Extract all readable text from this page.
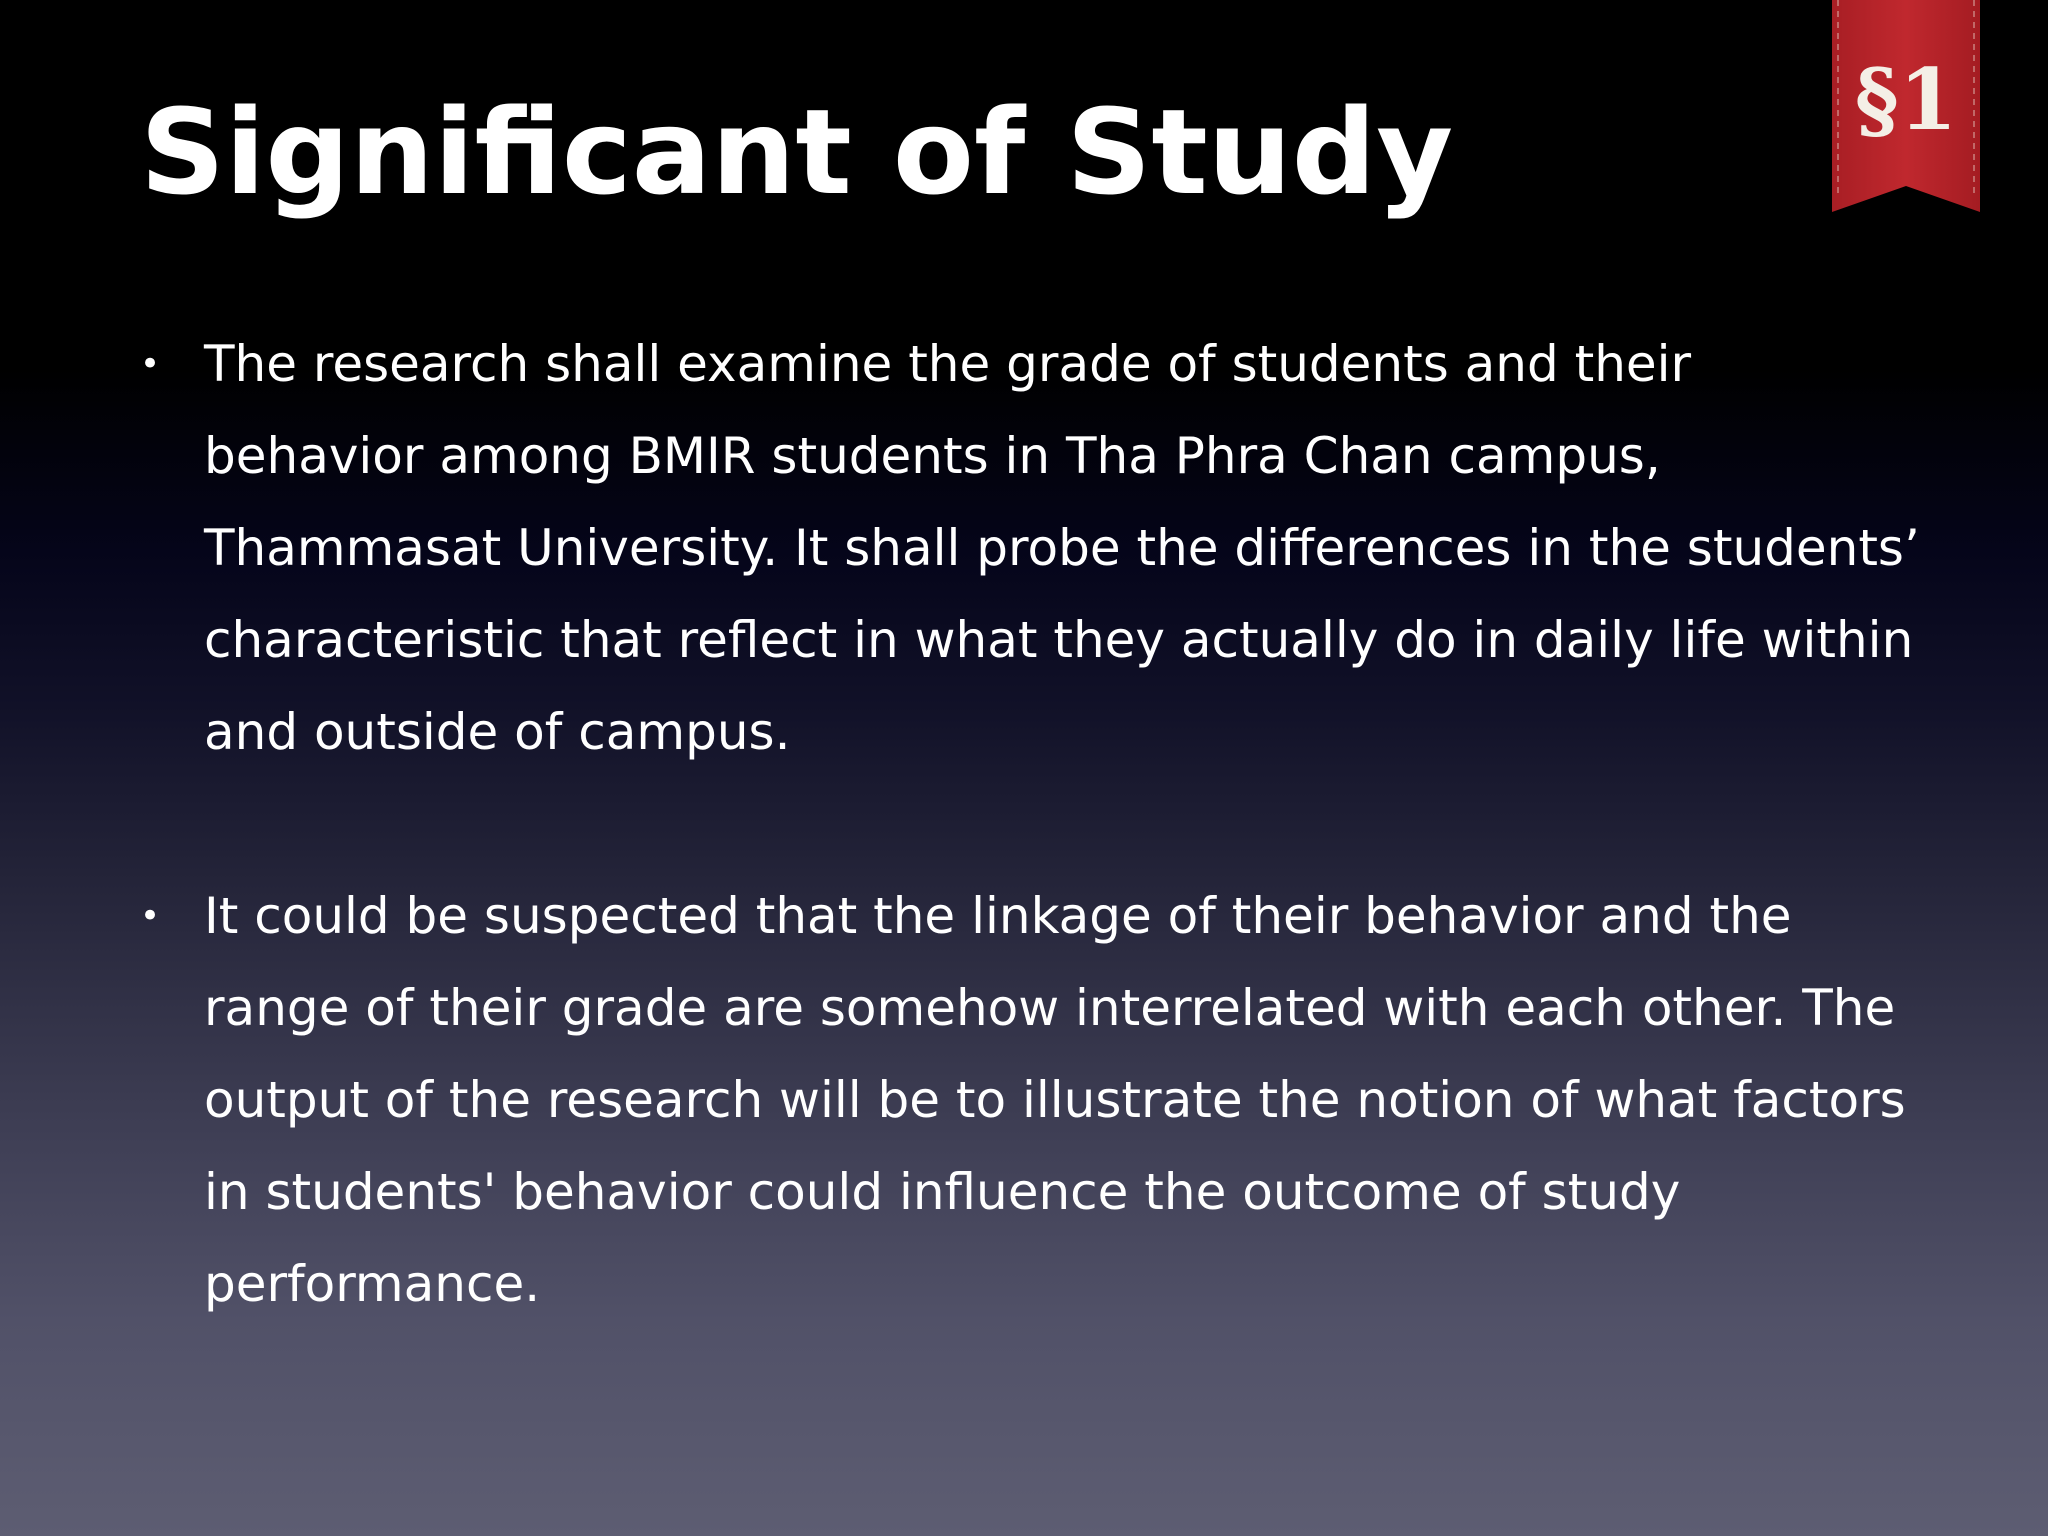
Significant of Study	§1
• The research shall examine the grade of students and their behavior among BMIR students in Tha Phra Chan campus, Thammasat University. It shall probe the differences in the students’ characteristic that reflect in what they actually do in daily life within and outside of campus.
• It could be suspected that the linkage of their behavior and the range of their grade are somehow interrelated with each other. The output of the research will be to illustrate the notion of what factors in students' behavior could influence the outcome of study performance.
